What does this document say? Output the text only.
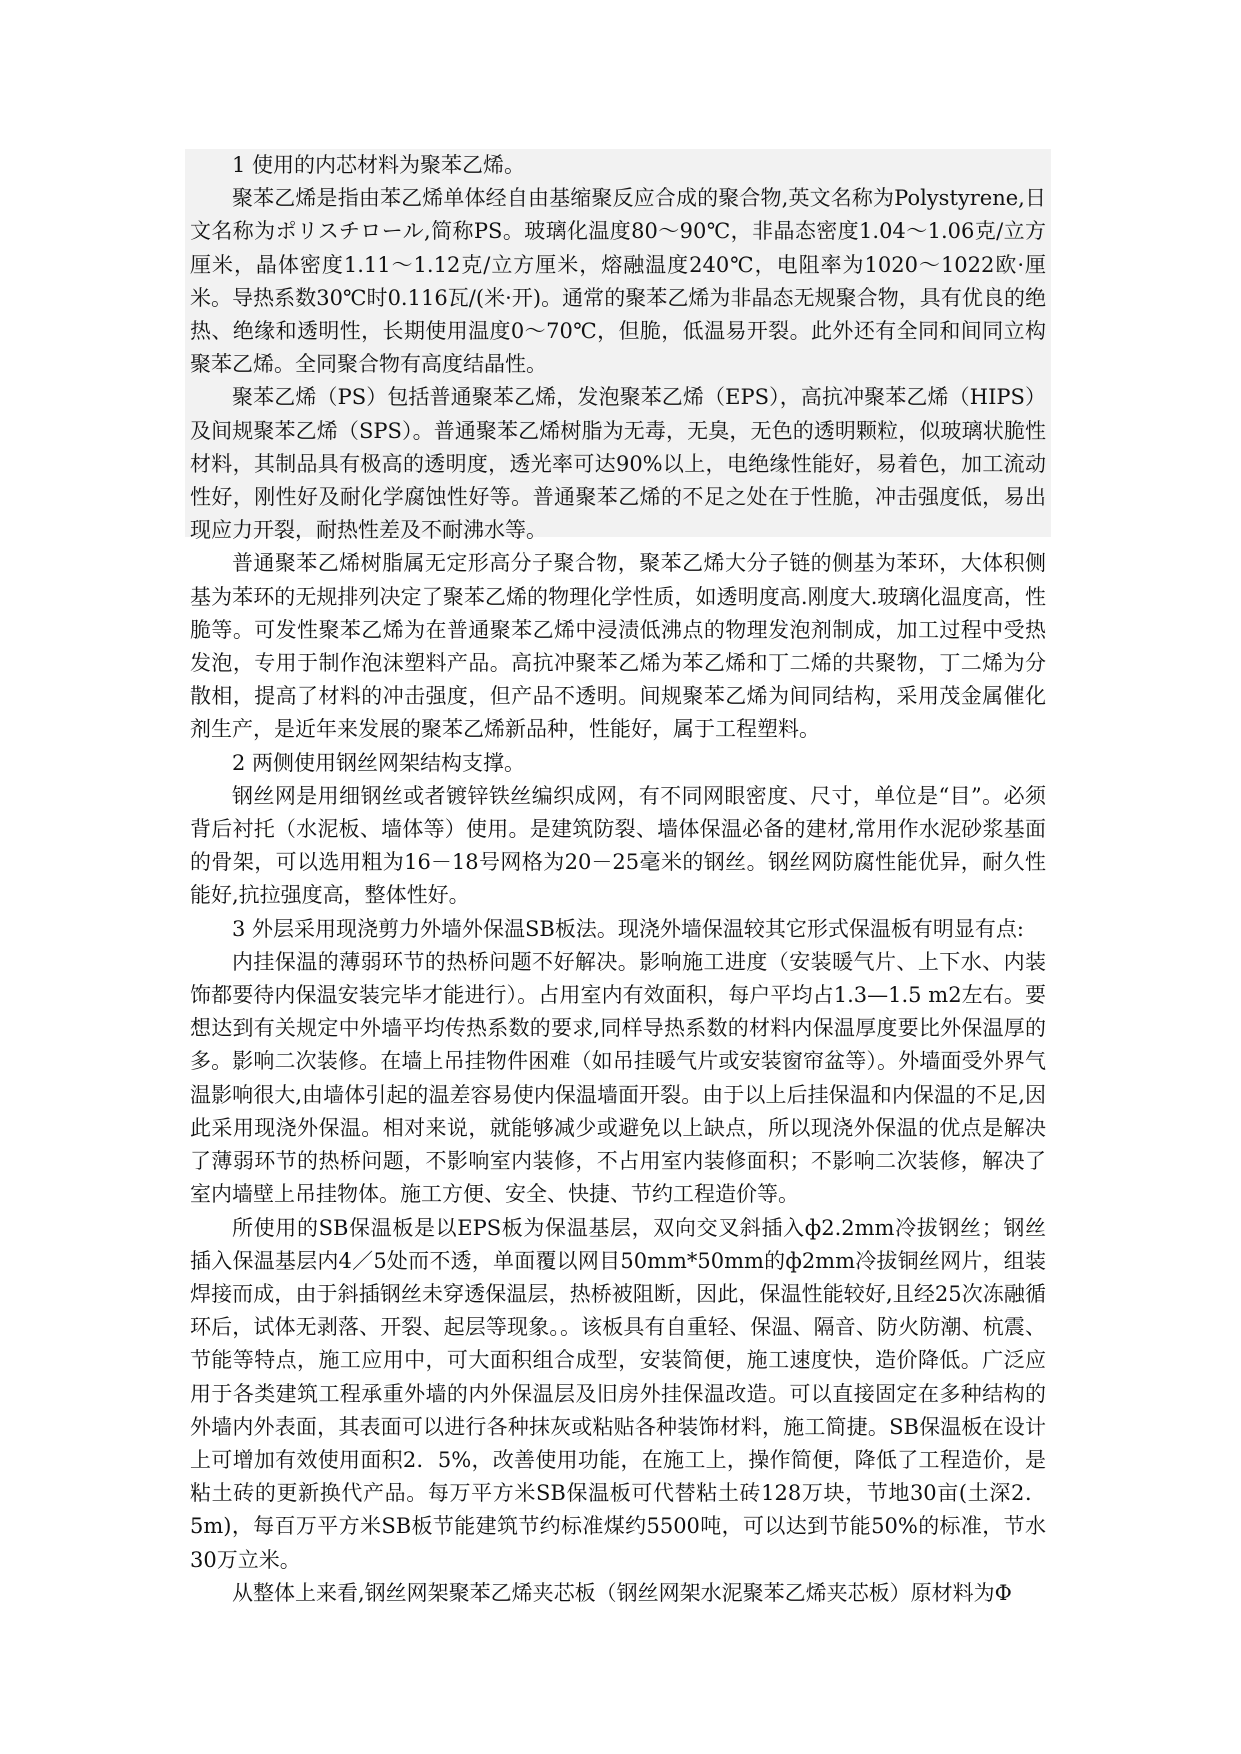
1 使用的内芯材料为聚苯乙烯。

聚苯乙烯是指由苯乙烯单体经自由基缩聚反应合成的聚合物,英文名称为Polystyrene,日文名称为ポリスチロール,简称PS。玻璃化温度80～90℃，非晶态密度1.04～1.06克/立方厘米，晶体密度1.11～1.12克/立方厘米，熔融温度240℃，电阻率为1020～1022欧·厘米。导热系数30℃时0.116瓦/(米·开)。通常的聚苯乙烯为非晶态无规聚合物，具有优良的绝热、绝缘和透明性，长期使用温度0～70℃，但脆，低温易开裂。此外还有全同和间同立构聚苯乙烯。全同聚合物有高度结晶性。

聚苯乙烯（PS）包括普通聚苯乙烯，发泡聚苯乙烯（EPS），高抗冲聚苯乙烯（HIPS）及间规聚苯乙烯（SPS）。普通聚苯乙烯树脂为无毒，无臭，无色的透明颗粒，似玻璃状脆性材料，其制品具有极高的透明度，透光率可达90%以上，电绝缘性能好，易着色，加工流动性好，刚性好及耐化学腐蚀性好等。普通聚苯乙烯的不足之处在于性脆，冲击强度低，易出现应力开裂，耐热性差及不耐沸水等。

普通聚苯乙烯树脂属无定形高分子聚合物，聚苯乙烯大分子链的侧基为苯环，大体积侧基为苯环的无规排列决定了聚苯乙烯的物理化学性质，如透明度高.刚度大.玻璃化温度高，性脆等。可发性聚苯乙烯为在普通聚苯乙烯中浸渍低沸点的物理发泡剂制成，加工过程中受热发泡，专用于制作泡沫塑料产品。高抗冲聚苯乙烯为苯乙烯和丁二烯的共聚物，丁二烯为分散相，提高了材料的冲击强度，但产品不透明。间规聚苯乙烯为间同结构，采用茂金属催化剂生产，是近年来发展的聚苯乙烯新品种，性能好，属于工程塑料。

2 两侧使用钢丝网架结构支撑。

钢丝网是用细钢丝或者镀锌铁丝编织成网，有不同网眼密度、尺寸，单位是“目”。必须背后衬托（水泥板、墙体等）使用。是建筑防裂、墙体保温必备的建材,常用作水泥砂浆基面的骨架，可以选用粗为16－18号网格为20－25毫米的钢丝。钢丝网防腐性能优异，耐久性能好,抗拉强度高，整体性好。

3 外层采用现浇剪力外墙外保温SB板法。现浇外墙保温较其它形式保温板有明显有点:

内挂保温的薄弱环节的热桥问题不好解决。影响施工进度（安装暖气片、上下水、内装饰都要待内保温安装完毕才能进行）。占用室内有效面积，每户平均占1.3—1.5 m2左右。要想达到有关规定中外墙平均传热系数的要求,同样导热系数的材料内保温厚度要比外保温厚的多。影响二次装修。在墙上吊挂物件困难（如吊挂暖气片或安装窗帘盆等）。外墙面受外界气温影响很大,由墙体引起的温差容易使内保温墙面开裂。由于以上后挂保温和内保温的不足,因此采用现浇外保温。相对来说，就能够减少或避免以上缺点，所以现浇外保温的优点是解决了薄弱环节的热桥问题，不影响室内装修，不占用室内装修面积；不影响二次装修，解决了室内墙壁上吊挂物体。施工方便、安全、快捷、节约工程造价等。

所使用的SB保温板是以EPS板为保温基层，双向交叉斜插入ф2.2mm冷拔钢丝；钢丝插入保温基层内4／5处而不透，单面覆以网目50mm*50mm的ф2mm冷拔铜丝网片，组装焊接而成，由于斜插钢丝未穿透保温层，热桥被阻断，因此，保温性能较好,且经25次冻融循环后，试体无剥落、开裂、起层等现象。。该板具有自重轻、保温、隔音、防火防潮、杭震、节能等特点，施工应用中，可大面积组合成型，安装简便，施工速度快，造价降低。广泛应用于各类建筑工程承重外墙的内外保温层及旧房外挂保温改造。可以直接固定在多种结构的外墙内外表面，其表面可以进行各种抹灰或粘贴各种装饰材料，施工简捷。SB保温板在设计上可增加有效使用面积2．5%，改善使用功能，在施工上，操作简便，降低了工程造价，是粘土砖的更新换代产品。每万平方米SB保温板可代替粘土砖128万块，节地30亩(土深2．5m)，每百万平方米SB板节能建筑节约标准煤约5500吨，可以达到节能50%的标准，节水30万立米。

从整体上来看,钢丝网架聚苯乙烯夹芯板（钢丝网架水泥聚苯乙烯夹芯板）原材料为Φ
